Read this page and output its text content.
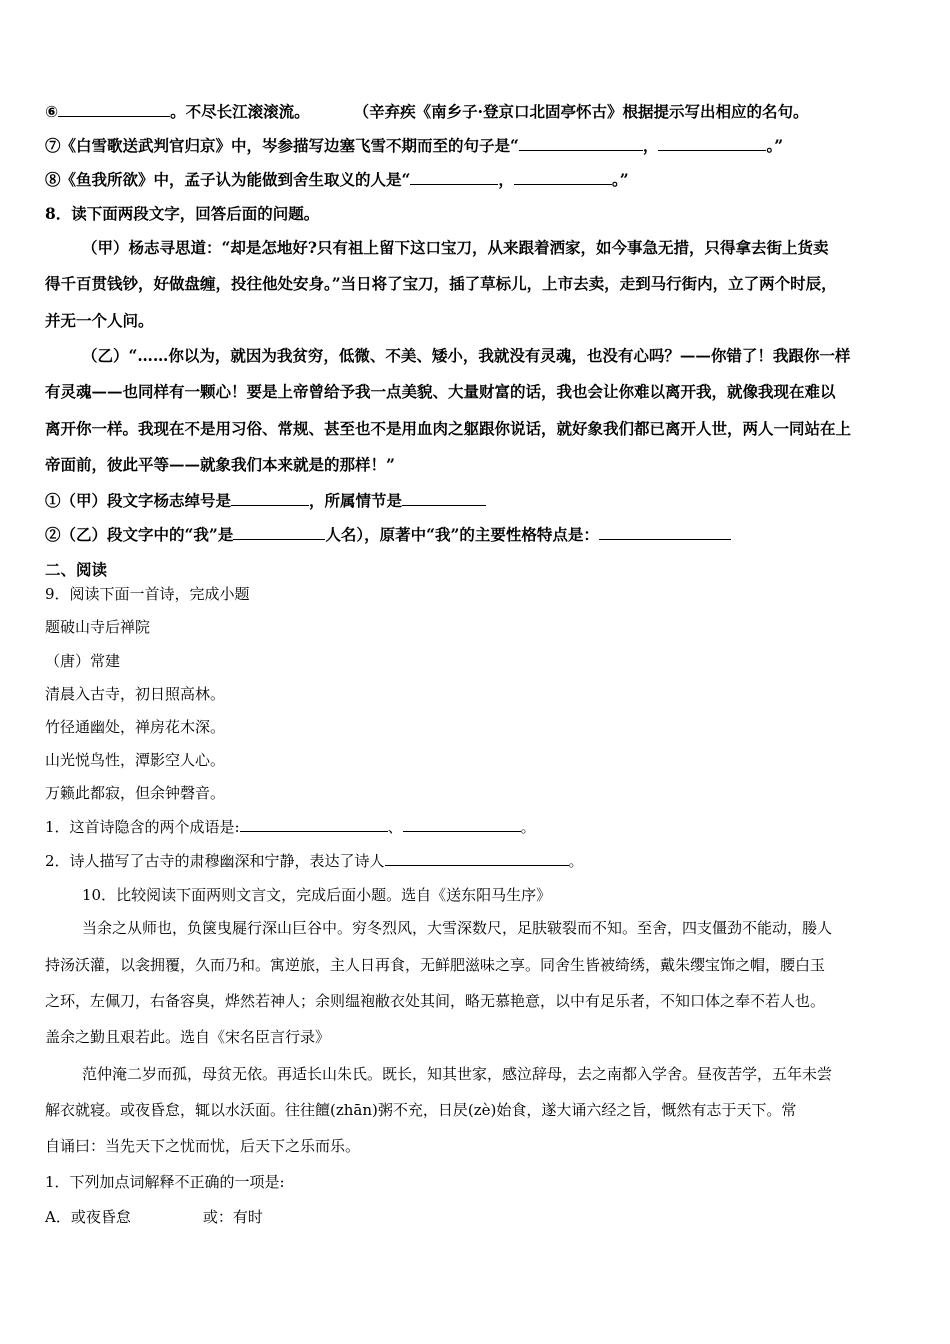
⑥	。不尽长江滚滚流。	（辛弃疾《南乡子·登京口北固亭怀古》根据提示写出相应的名句。
⑦《白雪歌送武判官归京》中，岑参描写边塞飞雪不期而至的句子是“	，	。”
⑧《鱼我所欲》中，孟子认为能做到舍生取义的人是“	，	。”
8．读下面两段文字，回答后面的问题。
（甲）杨志寻思道：“却是怎地好?只有祖上留下这口宝刀，从来跟着洒家，如今事急无措，只得拿去街上货卖
得千百贯钱钞，好做盘缠，投往他处安身。”当日将了宝刀，插了草标儿，上市去卖，走到马行街内，立了两个时辰，
并无一个人问。
（乙）“……你以为，就因为我贫穷，低微、不美、矮小，我就没有灵魂，也没有心吗？——你错了！我跟你一样
有灵魂——也同样有一颗心！要是上帝曾给予我一点美貌、大量财富的话，我也会让你难以离开我，就像我现在难以
离开你一样。我现在不是用习俗、常规、甚至也不是用血肉之躯跟你说话，就好象我们都已离开人世，两人一同站在上
帝面前，彼此平等——就象我们本来就是的那样！”
①（甲）段文字杨志绰号是	，所属情节是
②（乙）段文字中的“我”是	人名），原著中“我”的主要性格特点是：
二、阅读
9．阅读下面一首诗，完成小题
题破山寺后禅院
（唐）常建
清晨入古寺，初日照高林。
竹径通幽处，禅房花木深。
山光悦鸟性，潭影空人心。
万籁此都寂，但余钟磬音。
1．这首诗隐含的两个成语是:	、	。
2．诗人描写了古寺的肃穆幽深和宁静，表达了诗人	。
10．比较阅读下面两则文言文，完成后面小题。选自《送东阳马生序》
当余之从师也，负箧曳屣行深山巨谷中。穷冬烈风，大雪深数尺，足肤皲裂而不知。至舍，四支僵劲不能动，媵人
持汤沃灌，以衾拥覆，久而乃和。寓逆旅，主人日再食，无鲜肥滋味之享。同舍生皆被绮绣，戴朱缨宝饰之帽，腰白玉
之环，左佩刀，右备容臭，烨然若神人；余则缊袍敝衣处其间，略无慕艳意，以中有足乐者，不知口体之奉不若人也。
盖余之勤且艰若此。选自《宋名臣言行录》
范仲淹二岁而孤，母贫无依。再适长山朱氏。既长，知其世家，感泣辞母，去之南都入学舍。昼夜苦学，五年未尝
解衣就寝。或夜昏怠，辄以水沃面。往往饘(zhān)粥不充，日昃(zè)始食，遂大诵六经之旨，慨然有志于天下。常
自诵曰：当先天下之忧而忧，后天下之乐而乐。
1．下列加点词解释不正确的一项是:
A．或夜昏怠	或：有时
